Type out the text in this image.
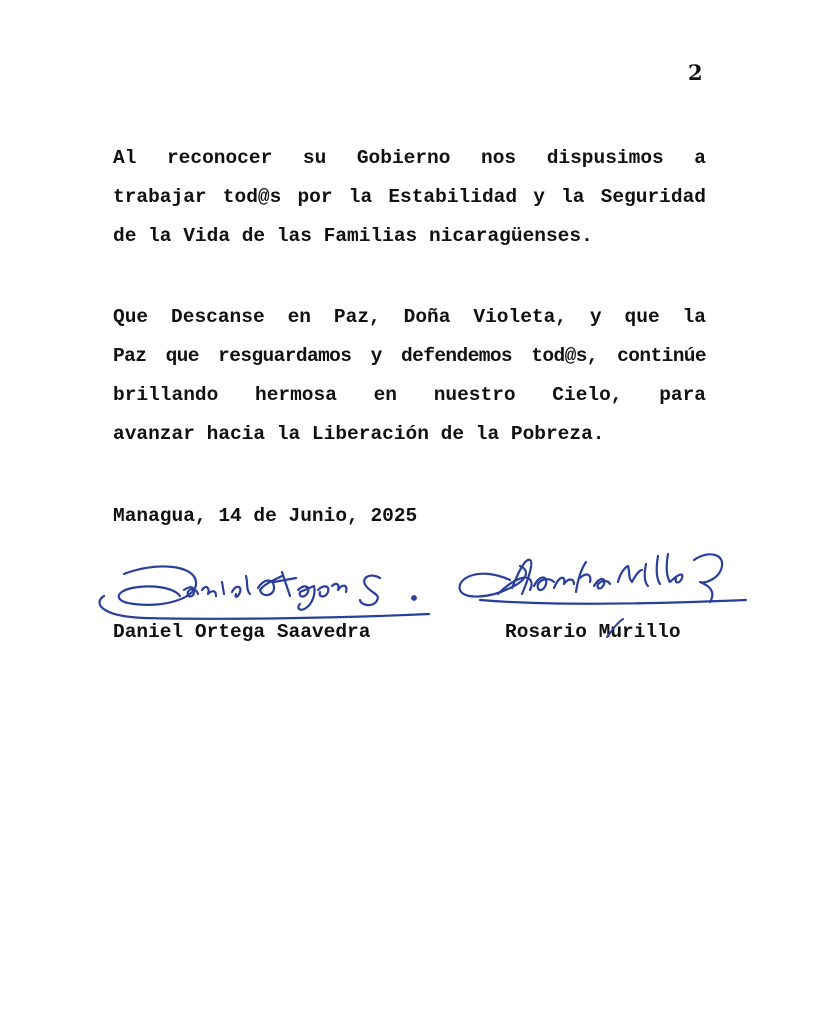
2

Al reconocer su Gobierno nos dispusimos a
trabajar tod@s por la Estabilidad y la Seguridad
de la Vida de las Familias nicaragüenses.
Que Descanse en Paz, Doña Violeta, y que la
Paz que resguardamos y defendemos tod@s, continúe
brillando hermosa en nuestro Cielo, para
avanzar hacia la Liberación de la Pobreza.

Managua, 14 de Junio, 2025

Daniel Ortega Saavedra	Rosario Murillo
